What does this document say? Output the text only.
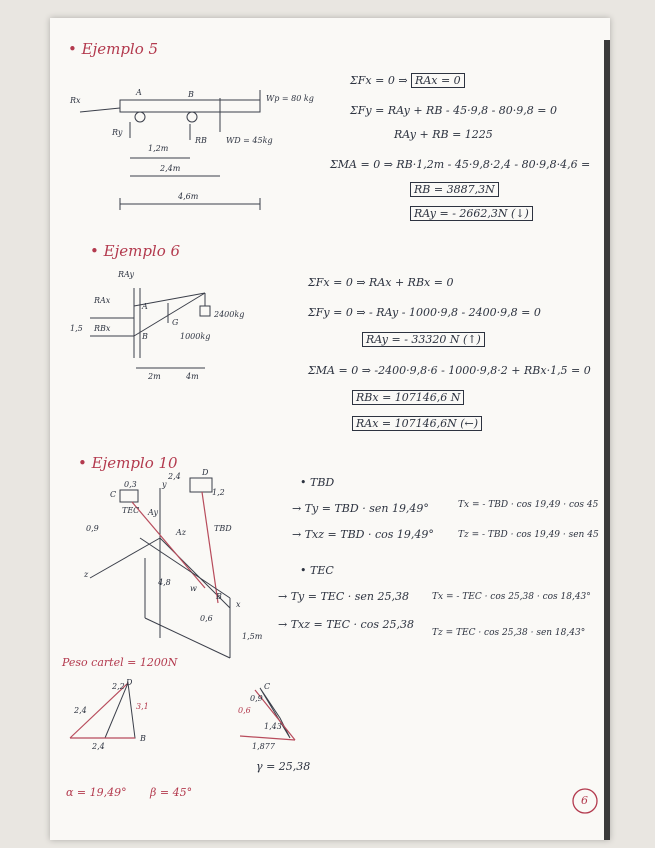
• Ejemplo 5
Rx
Ry
A	B
RB
Wp = 80 kg
WD = 45kg
1,2m
2,4m
4,6m
ΣFx = 0 ⇒ RAx = 0
ΣFy = RAy + RB - 45·9,8 - 80·9,8 = 0
RAy + RB = 1225
ΣMA = 0 ⇒ RB·1,2m - 45·9,8·2,4 - 80·9,8·4,6 =
RB = 3887,3N
RAy = - 2662,3N (↓)
• Ejemplo 6
RAy
RAx
RBx
A
B
G
2400kg
1000kg
1,5
2m	4m
ΣFx = 0 ⇒ RAx + RBx = 0
ΣFy = 0 ⇒ - RAy - 1000·9,8 - 2400·9,8 = 0
RAy = - 33320 N (↑)
ΣMA = 0 ⇒ -2400·9,8·6 - 1000·9,8·2 + RBx·1,5 = 0
RBx = 107146,6 N
RAx = 107146,6N (←)
• Ejemplo 10
C
D
TEC
TBD
Ay
Az
B
x
z
y
w
0,9
0,6
1,5m
4,8
1,2
2,4
0,3	• TBD
→ Ty = TBD · sen 19,49°
→ Txz = TBD · cos 19,49°
Tx = - TBD · cos 19,49 · cos 45
Tz = - TBD · cos 19,49 · sen 45
• TEC
→ Ty = TEC · sen 25,38
→ Txz = TEC · cos 25,38
Tx = - TEC · cos 25,38 · cos 18,43°
Tz = TEC · cos 25,38 · sen 18,43°
Peso cartel = 1200N
D
B
2,2
2,4	3,1
2,4
C
0,6
0,9
1,43
1,877
γ = 25,38
α = 19,49° β = 45°
6
